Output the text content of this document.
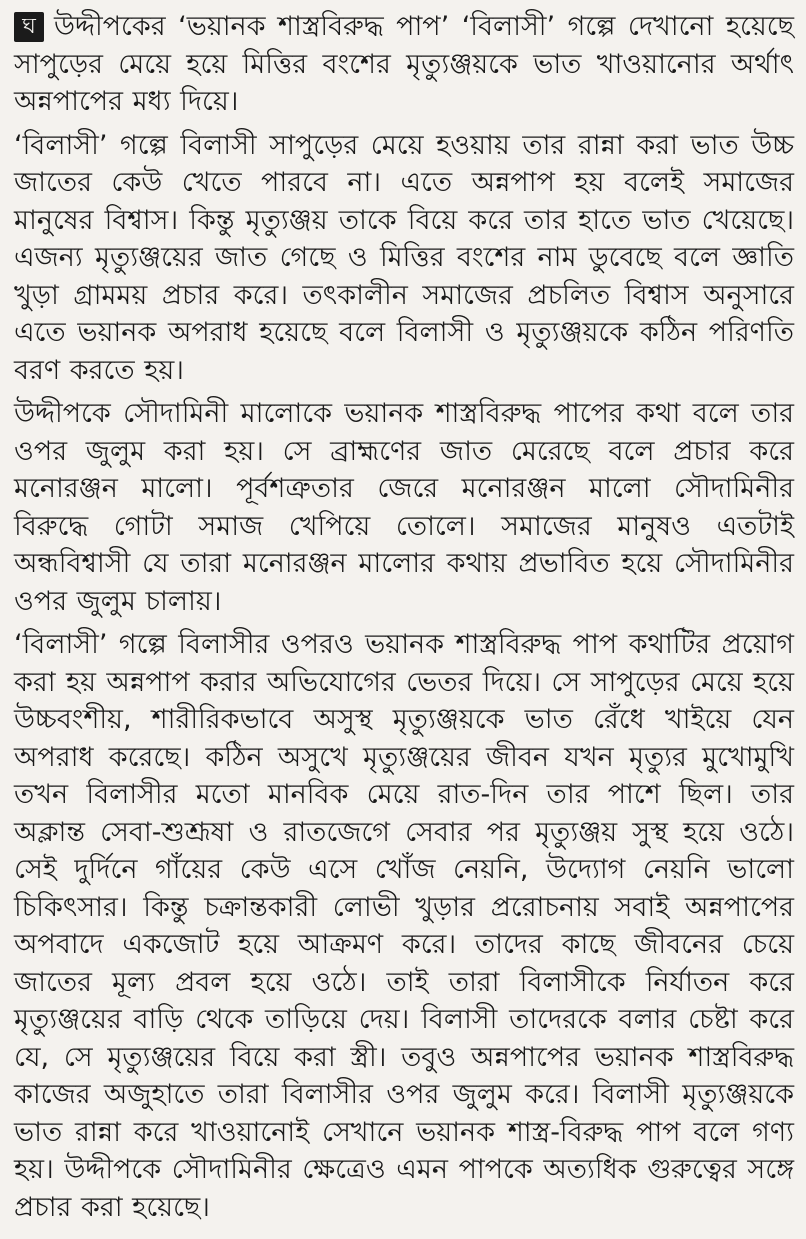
ঘ উদ্দীপকের ‘ভয়ানক শাস্ত্রবিরুদ্ধ পাপ’ ‘বিলাসী’ গল্পে দেখানো হয়েছে সাপুড়ের মেয়ে হয়ে মিত্তির বংশের মৃত্যুঞ্জয়কে ভাত খাওয়ানোর অর্থাৎ অন্নপাপের মধ্য দিয়ে।

‘বিলাসী’ গল্পে বিলাসী সাপুড়ের মেয়ে হওয়ায় তার রান্না করা ভাত উচ্চ জাতের কেউ খেতে পারবে না। এতে অন্নপাপ হয় বলেই সমাজের মানুষের বিশ্বাস। কিন্তু মৃত্যুঞ্জয় তাকে বিয়ে করে তার হাতে ভাত খেয়েছে। এজন্য মৃত্যুঞ্জয়ের জাত গেছে ও মিত্তির বংশের নাম ডুবেছে বলে জ্ঞাতি খুড়া গ্রামময় প্রচার করে। তৎকালীন সমাজের প্রচলিত বিশ্বাস অনুসারে এতে ভয়ানক অপরাধ হয়েছে বলে বিলাসী ও মৃত্যুঞ্জয়কে কঠিন পরিণতি বরণ করতে হয়।

উদ্দীপকে সৌদামিনী মালোকে ভয়ানক শাস্ত্রবিরুদ্ধ পাপের কথা বলে তার ওপর জুলুম করা হয়। সে ব্রাহ্মণের জাত মেরেছে বলে প্রচার করে মনোরঞ্জন মালো। পূর্বশত্রুতার জেরে মনোরঞ্জন মালো সৌদামিনীর বিরুদ্ধে গোটা সমাজ খেপিয়ে তোলে। সমাজের মানুষও এতটাই অন্ধবিশ্বাসী যে তারা মনোরঞ্জন মালোর কথায় প্রভাবিত হয়ে সৌদামিনীর ওপর জুলুম চালায়।

‘বিলাসী’ গল্পে বিলাসীর ওপরও ভয়ানক শাস্ত্রবিরুদ্ধ পাপ কথাটির প্রয়োগ করা হয় অন্নপাপ করার অভিযোগের ভেতর দিয়ে। সে সাপুড়ের মেয়ে হয়ে উচ্চবংশীয়, শারীরিকভাবে অসুস্থ মৃত্যুঞ্জয়কে ভাত রেঁধে খাইয়ে যেন অপরাধ করেছে। কঠিন অসুখে মৃত্যুঞ্জয়ের জীবন যখন মৃত্যুর মুখোমুখি তখন বিলাসীর মতো মানবিক মেয়ে রাত-দিন তার পাশে ছিল। তার অক্লান্ত সেবা-শুশ্রূষা ও রাতজেগে সেবার পর মৃত্যুঞ্জয় সুস্থ হয়ে ওঠে। সেই দুর্দিনে গাঁয়ের কেউ এসে খোঁজ নেয়নি, উদ্যোগ নেয়নি ভালো চিকিৎসার। কিন্তু চক্রান্তকারী লোভী খুড়ার প্ররোচনায় সবাই অন্নপাপের অপবাদে একজোট হয়ে আক্রমণ করে। তাদের কাছে জীবনের চেয়ে জাতের মূল্য প্রবল হয়ে ওঠে। তাই তারা বিলাসীকে নির্যাতন করে মৃত্যুঞ্জয়ের বাড়ি থেকে তাড়িয়ে দেয়। বিলাসী তাদেরকে বলার চেষ্টা করে যে, সে মৃত্যুঞ্জয়ের বিয়ে করা স্ত্রী। তবুও অন্নপাপের ভয়ানক শাস্ত্রবিরুদ্ধ কাজের অজুহাতে তারা বিলাসীর ওপর জুলুম করে। বিলাসী মৃত্যুঞ্জয়কে ভাত রান্না করে খাওয়ানোই সেখানে ভয়ানক শাস্ত্র-বিরুদ্ধ পাপ বলে গণ্য হয়। উদ্দীপকে সৌদামিনীর ক্ষেত্রেও এমন পাপকে অত্যধিক গুরুত্বের সঙ্গে প্রচার করা হয়েছে।
